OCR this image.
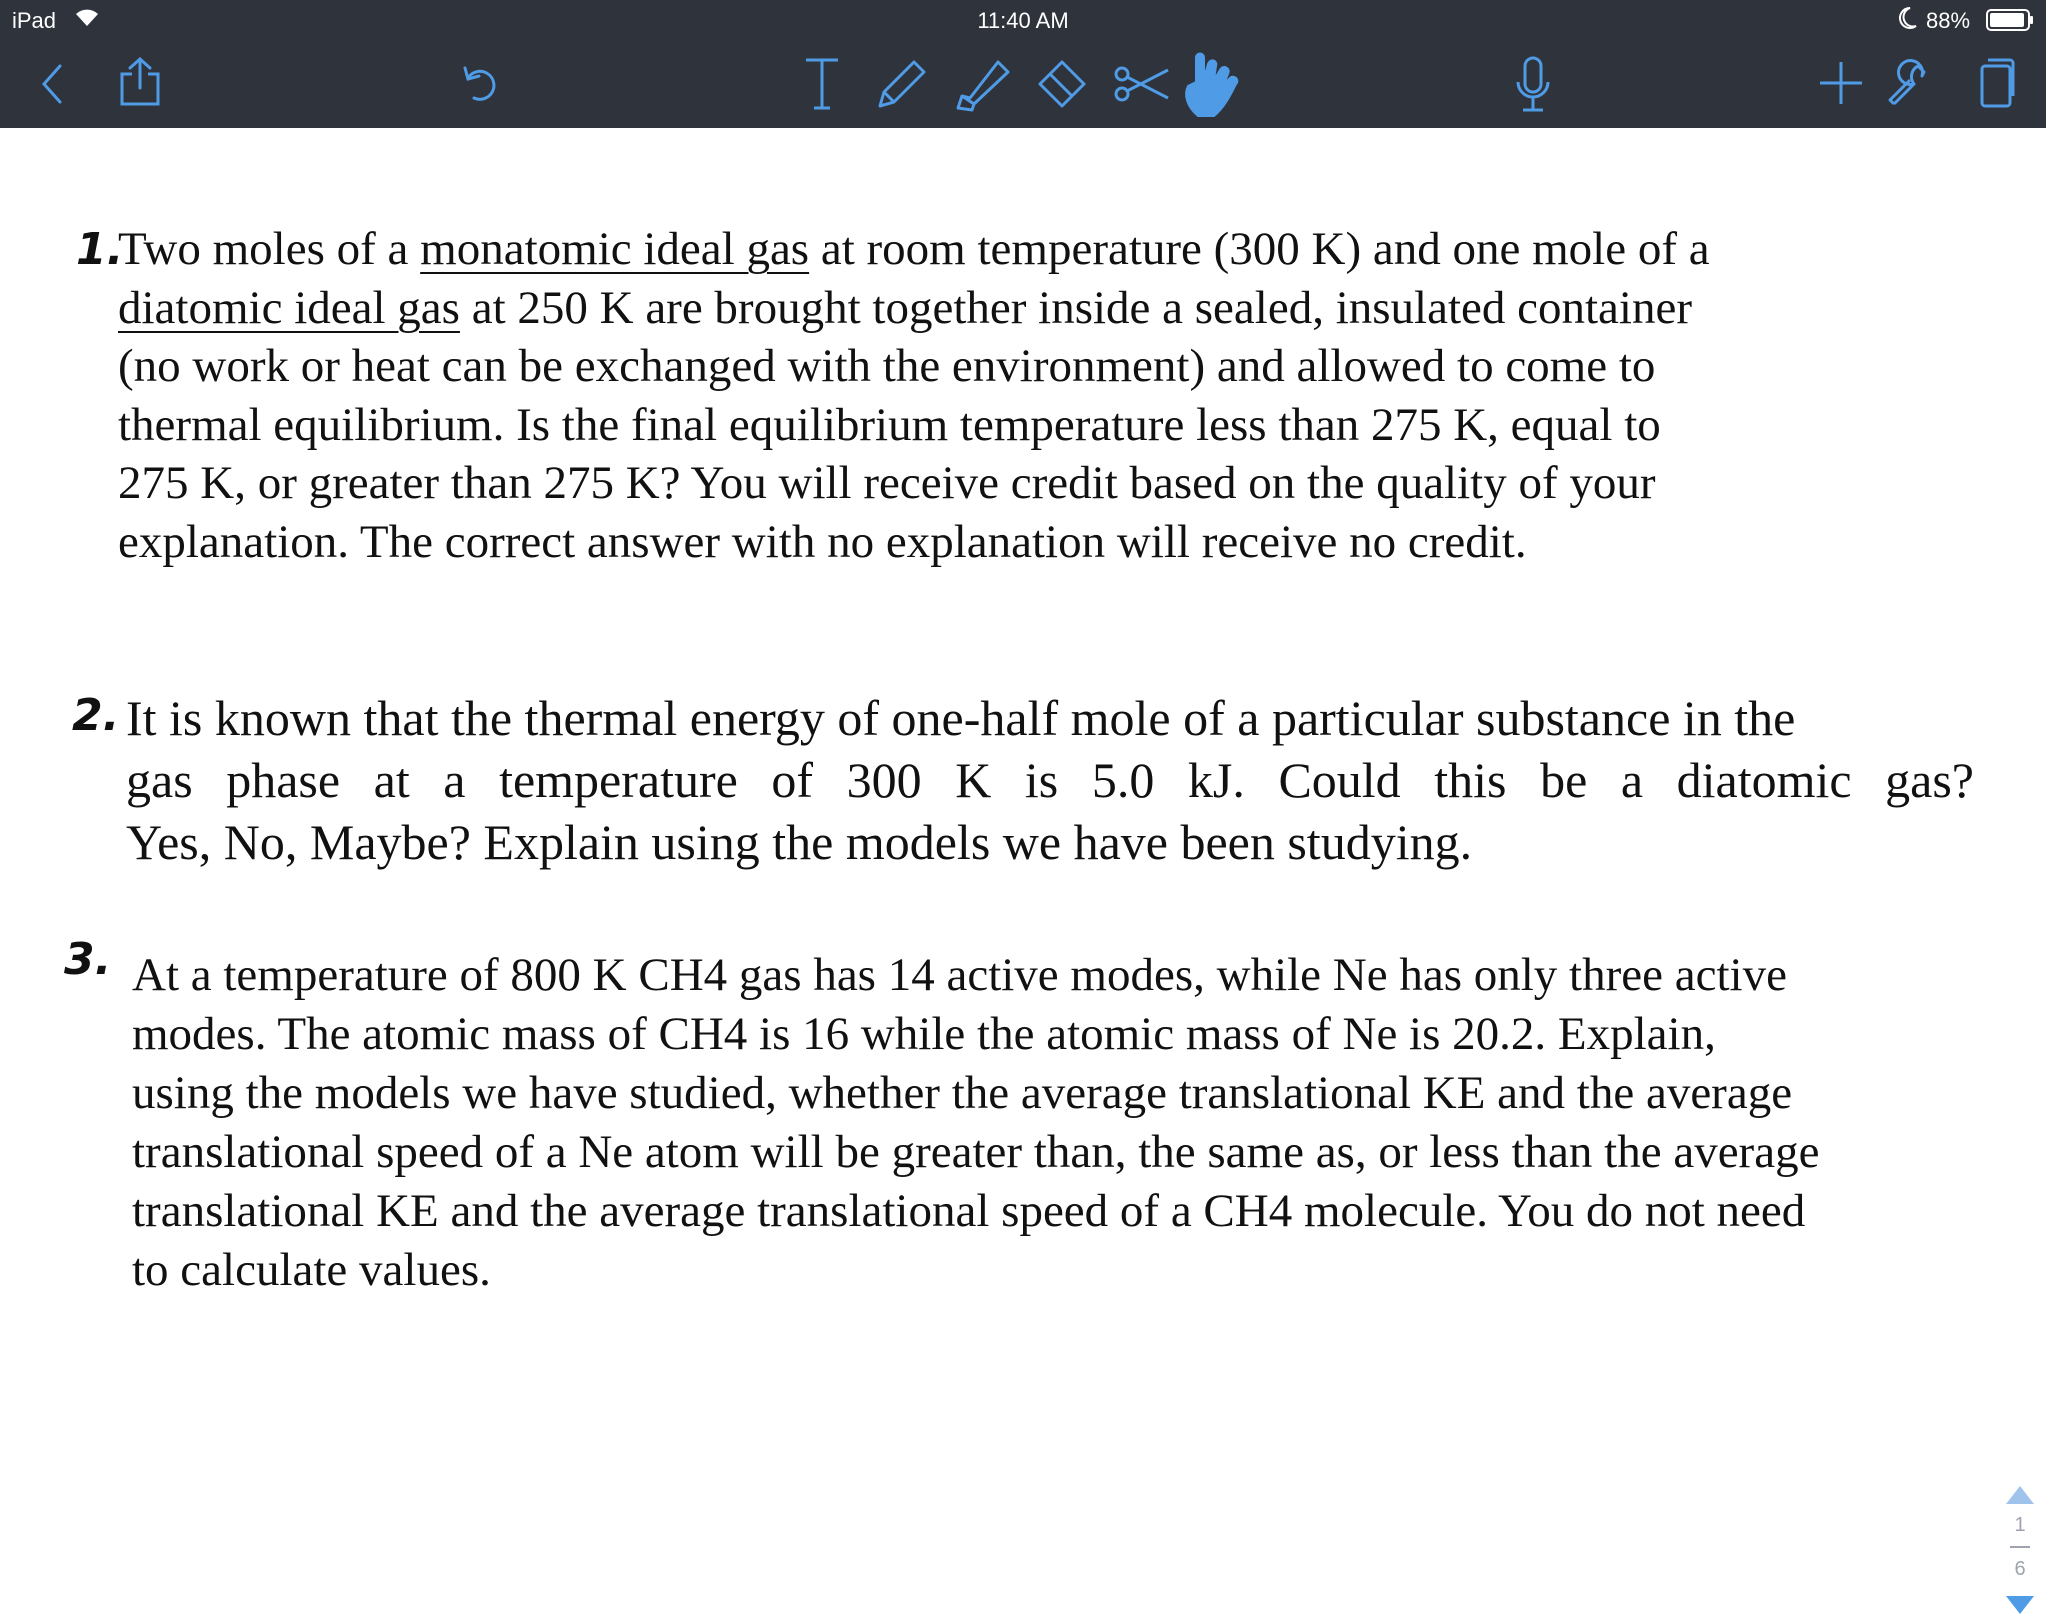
iPad	11:40 AM	88%
1.
Two moles of a monatomic ideal gas at room temperature (300 K) and one mole of a
diatomic ideal gas at 250 K are brought together inside a sealed, insulated container
(no work or heat can be exchanged with the environment) and allowed to come to
thermal equilibrium. Is the final equilibrium temperature less than 275 K, equal to
275 K, or greater than 275 K? You will receive credit based on the quality of your
explanation. The correct answer with no explanation will receive no credit.
2. It is known that the thermal energy of one-half mole of a particular substance in the
gas phase at a temperature of 300 K is 5.0 kJ. Could this be a diatomic gas?
Yes, No, Maybe? Explain using the models we have been studying.
3. At a temperature of 800 K CH4 gas has 14 active modes, while Ne has only three active
modes. The atomic mass of CH4 is 16 while the atomic mass of Ne is 20.2. Explain,
using the models we have studied, whether the average translational KE and the average
translational speed of a Ne atom will be greater than, the same as, or less than the average
translational KE and the average translational speed of a CH4 molecule. You do not need
to calculate values.
1
6
